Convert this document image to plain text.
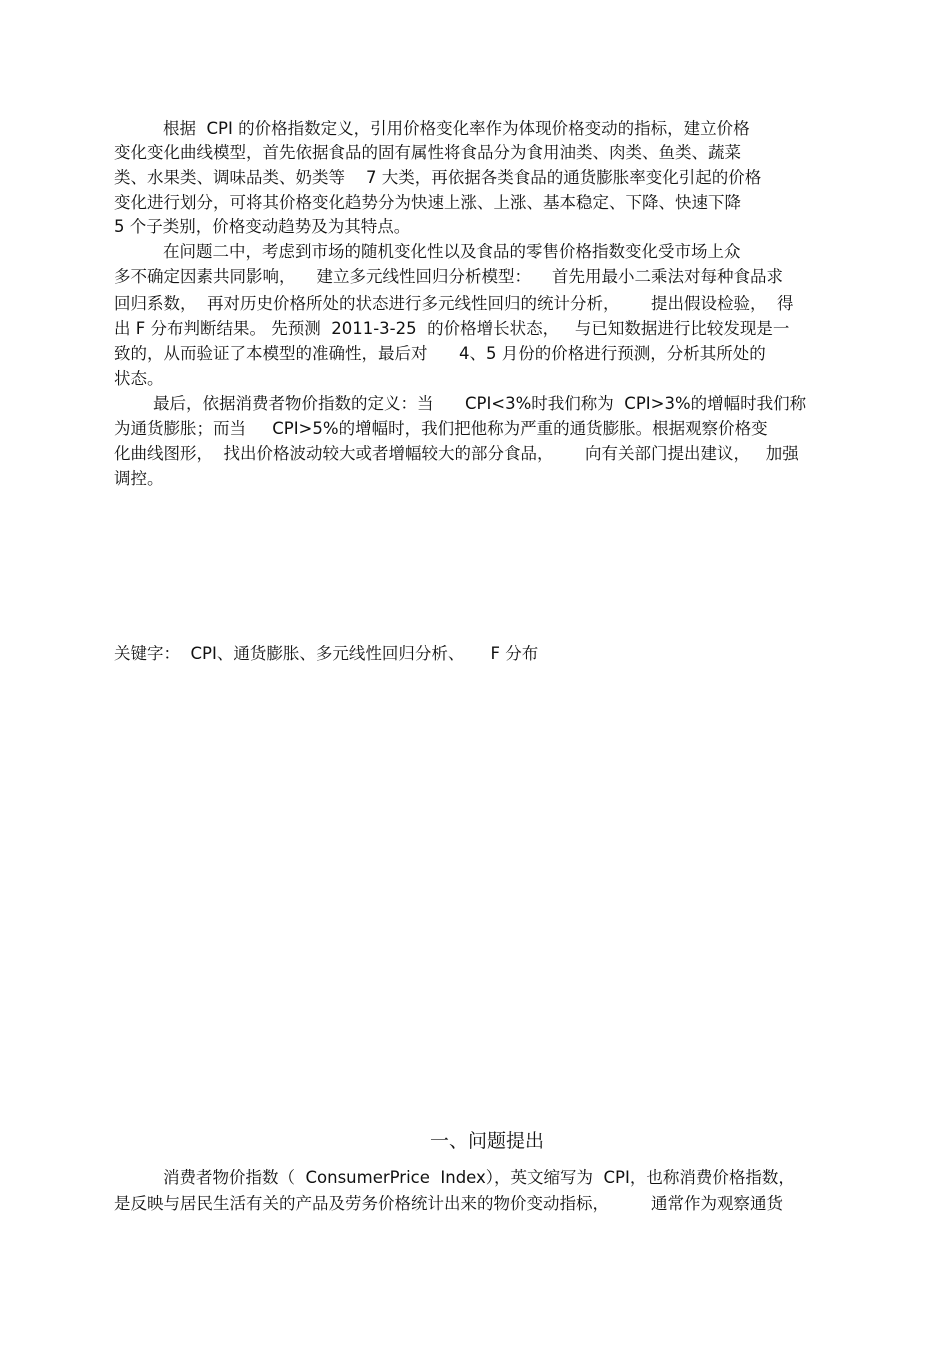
根据  CPI 的价格指数定义，引用价格变化率作为体现价格变动的指标，建立价格
变化变化曲线模型，首先依据食品的固有属性将食品分为食用油类、肉类、鱼类、蔬菜
类、水果类、调味品类、奶类等    7 大类，再依据各类食品的通货膨胀率变化引起的价格
变化进行划分，可将其价格变化趋势分为快速上涨、上涨、基本稳定、下降、快速下降
5 个子类别，价格变动趋势及为其特点。
在问题二中，考虑到市场的随机变化性以及食品的零售价格指数变化受市场上众
多不确定因素共同影响，    建立多元线性回归分析模型：    首先用最小二乘法对每种食品求
回归系数，  再对历史价格所处的状态进行多元线性回归的统计分析，      提出假设检验，  得
出 F 分布判断结果。 先预测  2011-3-25  的价格增长状态，   与已知数据进行比较发现是一
致的，从而验证了本模型的准确性，最后对      4、5 月份的价格进行预测，分析其所处的
状态。
最后，依据消费者物价指数的定义：当      CPI<3%时我们称为  CPI>3%的增幅时我们称
为通货膨胀；而当     CPI>5%的增幅时，我们把他称为严重的通货膨胀。根据观察价格变
化曲线图形，  找出价格波动较大或者增幅较大的部分食品，      向有关部门提出建议，   加强
调控。
关键字：  CPI、通货膨胀、多元线性回归分析、     F 分布
一、问题提出
消费者物价指数（  ConsumerPrice  Index），英文缩写为  CPI，也称消费价格指数，
是反映与居民生活有关的产品及劳务价格统计出来的物价变动指标，        通常作为观察通货
